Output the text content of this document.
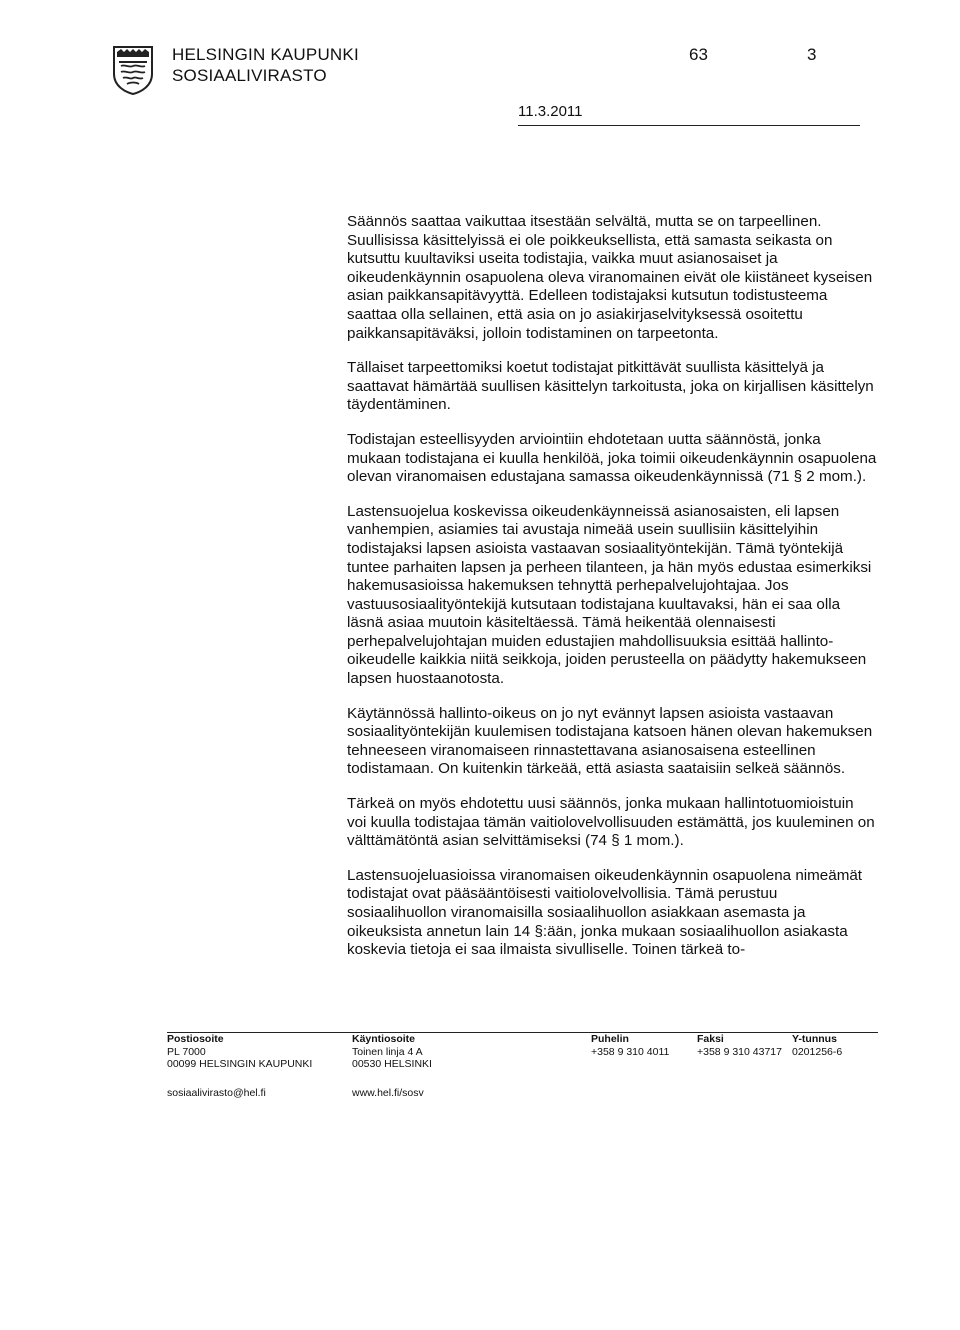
HELSINGIN KAUPUNKI
SOSIAALIVIRASTO
63	3
11.3.2011

Säännös saattaa vaikuttaa itsestään selvältä, mutta se on tarpeellinen. Suullisissa käsittelyissä ei ole poikkeuksellista, että samasta seikasta on kutsuttu kuultaviksi useita todistajia, vaikka muut asianosaiset ja oikeudenkäynnin osapuolena oleva viranomainen eivät ole kiistäneet kyseisen asian paikkansapitävyyttä. Edelleen todistajaksi kutsutun todistusteema saattaa olla sellainen, että asia on jo asiakirjaselvityksessä osoitettu paikkansapitäväksi, jolloin todistaminen on tarpeetonta.

Tällaiset tarpeettomiksi koetut todistajat pitkittävät suullista käsittelyä ja saattavat hämärtää suullisen käsittelyn tarkoitusta, joka on kirjallisen käsittelyn täydentäminen.

Todistajan esteellisyyden arviointiin ehdotetaan uutta säännöstä, jonka mukaan todistajana ei kuulla henkilöä, joka toimii oikeudenkäynnin osapuolena olevan viranomaisen edustajana samassa oikeudenkäynnissä (71 § 2 mom.).

Lastensuojelua koskevissa oikeudenkäynneissä asianosaisten, eli lapsen vanhempien, asiamies tai avustaja nimeää usein suullisiin käsittelyihin todistajaksi lapsen asioista vastaavan sosiaalityöntekijän. Tämä työntekijä tuntee parhaiten lapsen ja perheen tilanteen, ja hän myös edustaa esimerkiksi hakemusasioissa hakemuksen tehnyttä perhepalvelujohtajaa. Jos vastuusosiaalityöntekijä kutsutaan todistajana kuultavaksi, hän ei saa olla läsnä asiaa muutoin käsiteltäessä. Tämä heikentää olennaisesti perhepalvelujohtajan muiden edustajien mahdollisuuksia esittää hallinto-oikeudelle kaikkia niitä seikkoja, joiden perusteella on päädytty hakemukseen lapsen huostaanotosta.

Käytännössä hallinto-oikeus on jo nyt evännyt lapsen asioista vastaavan sosiaalityöntekijän kuulemisen todistajana katsoen hänen olevan hakemuksen tehneeseen viranomaiseen rinnastettavana asianosaisena esteellinen todistamaan. On kuitenkin tärkeää, että asiasta saataisiin selkeä säännös.

Tärkeä on myös ehdotettu uusi säännös, jonka mukaan hallintotuomioistuin voi kuulla todistajaa tämän vaitiolovelvollisuuden estämättä, jos kuuleminen on välttämätöntä asian selvittämiseksi (74 § 1 mom.).

Lastensuojeluasioissa viranomaisen oikeudenkäynnin osapuolena nimeämät todistajat ovat pääsääntöisesti vaitiolovelvollisia. Tämä perustuu sosiaalihuollon viranomaisilla sosiaalihuollon asiakkaan asemasta ja oikeuksista annetun lain 14 §:ään, jonka mukaan sosiaalihuollon asiakasta koskevia tietoja ei saa ilmaista sivulliselle. Toinen tärkeä to-

Postiosoite
PL 7000
00099 HELSINGIN KAUPUNKI
sosiaalivirasto@hel.fi
Käyntiosoite
Toinen linja 4 A
00530 HELSINKI
www.hel.fi/sosv
Puhelin
+358 9 310 4011
Faksi
+358 9 310 43717
Y-tunnus
0201256-6
